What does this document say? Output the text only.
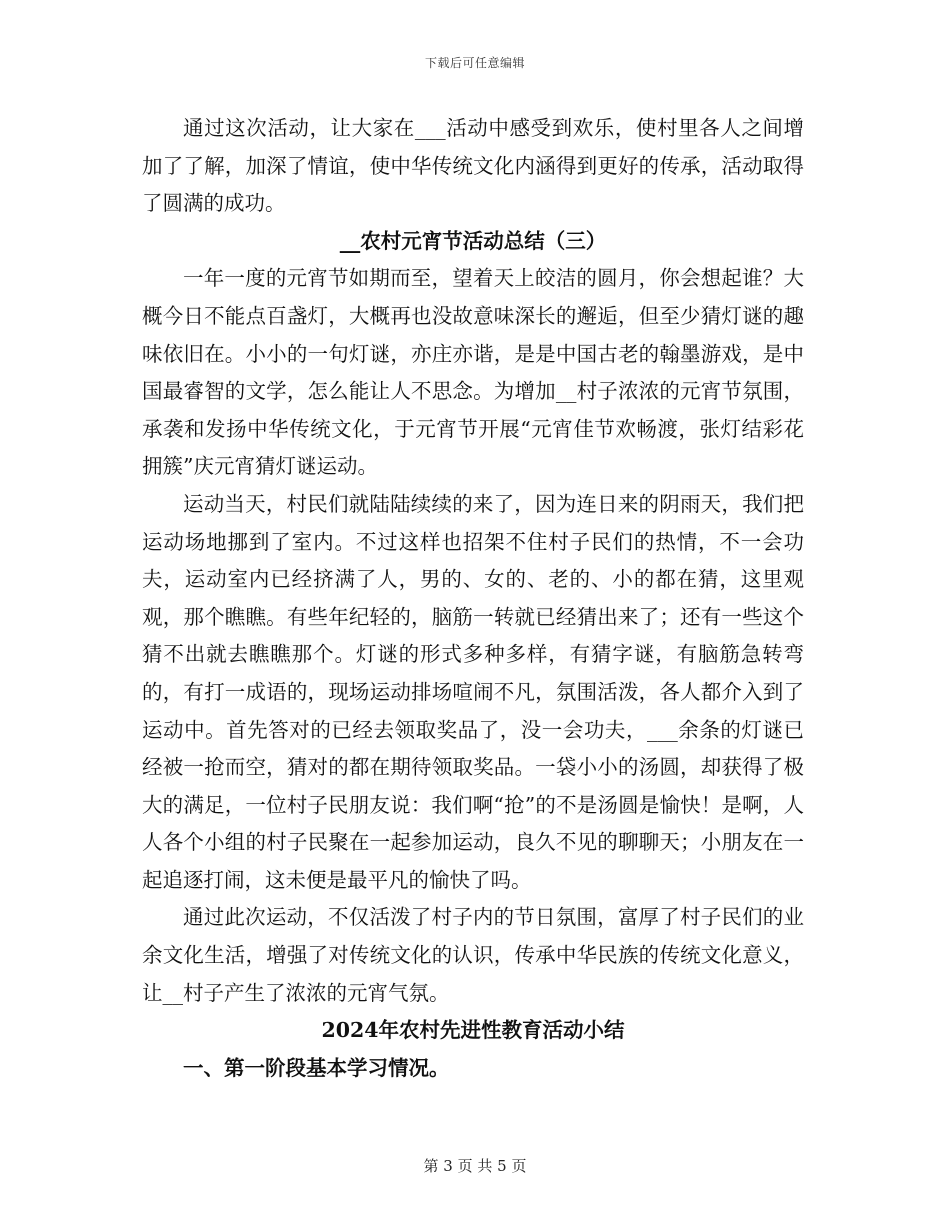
下载后可任意编辑

通过这次活动，让大家在___活动中感受到欢乐，使村里各人之间增加了了解，加深了情谊，使中华传统文化内涵得到更好的传承，活动取得了圆满的成功。

__农村元宵节活动总结（三）

一年一度的元宵节如期而至，望着天上皎洁的圆月，你会想起谁？大概今日不能点百盏灯，大概再也没故意味深长的邂逅，但至少猜灯谜的趣味依旧在。小小的一句灯谜，亦庄亦谐，是是中国古老的翰墨游戏，是中国最睿智的文学，怎么能让人不思念。为增加__村子浓浓的元宵节氛围，承袭和发扬中华传统文化，于元宵节开展“元宵佳节欢畅渡，张灯结彩花拥簇”庆元宵猜灯谜运动。

运动当天，村民们就陆陆续续的来了，因为连日来的阴雨天，我们把运动场地挪到了室内。不过这样也招架不住村子民们的热情，不一会功夫，运动室内已经挤满了人，男的、女的、老的、小的都在猜，这里观观，那个瞧瞧。有些年纪轻的，脑筋一转就已经猜出来了；还有一些这个猜不出就去瞧瞧那个。灯谜的形式多种多样，有猜字谜，有脑筋急转弯的，有打一成语的，现场运动排场喧闹不凡，氛围活泼，各人都介入到了运动中。首先答对的已经去领取奖品了，没一会功夫，___余条的灯谜已经被一抢而空，猜对的都在期待领取奖品。一袋小小的汤圆，却获得了极大的满足，一位村子民朋友说：我们啊“抢”的不是汤圆是愉快！是啊，人人各个小组的村子民聚在一起参加运动，良久不见的聊聊天；小朋友在一起追逐打闹，这未便是最平凡的愉快了吗。

通过此次运动，不仅活泼了村子内的节日氛围，富厚了村子民们的业余文化生活，增强了对传统文化的认识，传承中华民族的传统文化意义，让__村子产生了浓浓的元宵气氛。

2024年农村先进性教育活动小结

一、第一阶段基本学习情况。

第 3 页 共 5 页
